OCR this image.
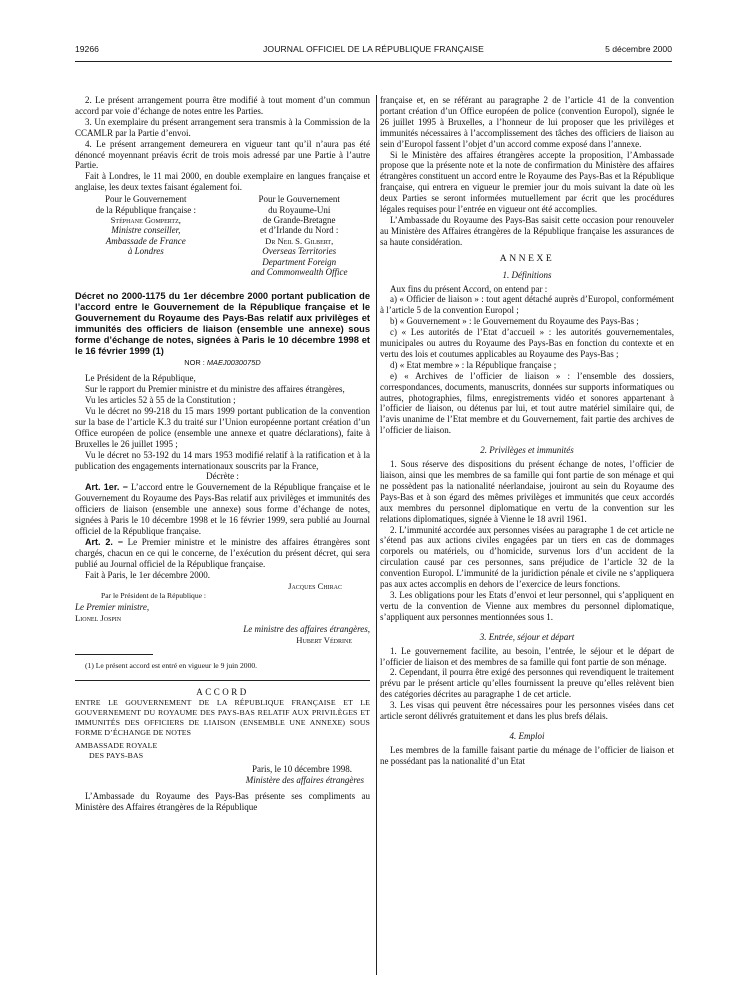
19266	JOURNAL OFFICIEL DE LA RÉPUBLIQUE FRANÇAISE	5 décembre 2000

2. Le présent arrangement pourra être modifié à tout moment d’un commun accord par voie d’échange de notes entre les Parties.

3. Un exemplaire du présent arrangement sera transmis à la Commission de la CCAMLR par la Partie d’envoi.

4. Le présent arrangement demeurera en vigueur tant qu’il n’aura pas été dénoncé moyennant préavis écrit de trois mois adressé par une Partie à l’autre Partie.

Fait à Londres, le 11 mai 2000, en double exemplaire en langues française et anglaise, les deux textes faisant également foi.

Pour le Gouvernement
de la République française :
Stéphane Gompertz,
Ministre conseiller,
Ambassade de France
à Londres
Pour le Gouvernement
du Royaume-Uni
de Grande-Bretagne
et d’Irlande du Nord :
Dr Neil S. Gilbert,
Overseas Territories
Department Foreign
and Commonwealth Office

Décret no 2000-1175 du 1er décembre 2000 portant publication de l’accord entre le Gouvernement de la République française et le Gouvernement du Royaume des Pays-Bas relatif aux privilèges et immunités des officiers de liaison (ensemble une annexe) sous forme d’échange de notes, signées à Paris le 10 décembre 1998 et le 16 février 1999 (1)

NOR : MAEJ0030075D

Le Président de la République,

Sur le rapport du Premier ministre et du ministre des affaires étrangères,

Vu les articles 52 à 55 de la Constitution ;

Vu le décret no 99-218 du 15 mars 1999 portant publication de la convention sur la base de l’article K.3 du traité sur l’Union européenne portant création d’un Office européen de police (ensemble une annexe et quatre déclarations), faite à Bruxelles le 26 juillet 1995 ;

Vu le décret no 53-192 du 14 mars 1953 modifié relatif à la ratification et à la publication des engagements internationaux souscrits par la France,

Décrète :

Art. 1er. − L’accord entre le Gouvernement de la République française et le Gouvernement du Royaume des Pays-Bas relatif aux privilèges et immunités des officiers de liaison (ensemble une annexe) sous forme d’échange de notes, signées à Paris le 10 décembre 1998 et le 16 février 1999, sera publié au Journal officiel de la République française.

Art. 2. − Le Premier ministre et le ministre des affaires étrangères sont chargés, chacun en ce qui le concerne, de l’exécution du présent décret, qui sera publié au Journal officiel de la République française.

Fait à Paris, le 1er décembre 2000.

Jacques Chirac

Par le Président de la République :

Le Premier ministre,

Lionel Jospin

Le ministre des affaires étrangères,

Hubert Védrine

(1) Le présent accord est entré en vigueur le 9 juin 2000.

ACCORD

ENTRE LE GOUVERNEMENT DE LA RÉPUBLIQUE FRANÇAISE ET LE GOUVERNEMENT DU ROYAUME DES PAYS-BAS RELATIF AUX PRIVILÈGES ET IMMUNITÉS DES OFFICIERS DE LIAISON (ENSEMBLE UNE ANNEXE) SOUS FORME D’ÉCHANGE DE NOTES

AMBASSADE ROYALE

DES PAYS-BAS

Paris, le 10 décembre 1998.

Ministère des affaires étrangères

L’Ambassade du Royaume des Pays-Bas présente ses compliments au Ministère des Affaires étrangères de la République

française et, en se référant au paragraphe 2 de l’article 41 de la convention portant création d’un Office européen de police (convention Europol), signée le 26 juillet 1995 à Bruxelles, a l’honneur de lui proposer que les privilèges et immunités nécessaires à l’accomplissement des tâches des officiers de liaison au sein d’Europol fassent l’objet d’un accord comme exposé dans l’annexe.

Si le Ministère des affaires étrangères accepte la proposition, l’Ambassade propose que la présente note et la note de confirmation du Ministère des affaires étrangères constituent un accord entre le Royaume des Pays-Bas et la République française, qui entrera en vigueur le premier jour du mois suivant la date où les deux Parties se seront informées mutuellement par écrit que les procédures légales requises pour l’entrée en vigueur ont été accomplies.

L’Ambassade du Royaume des Pays-Bas saisit cette occasion pour renouveler au Ministère des Affaires étrangères de la République française les assurances de sa haute considération.

ANNEXE

1. Définitions

Aux fins du présent Accord, on entend par :

a) « Officier de liaison » : tout agent détaché auprès d’Europol, conformément à l’article 5 de la convention Europol ;

b) « Gouvernement » : le Gouvernement du Royaume des Pays-Bas ;

c) « Les autorités de l’Etat d’accueil » : les autorités gouvernementales, municipales ou autres du Royaume des Pays-Bas en fonction du contexte et en vertu des lois et coutumes applicables au Royaume des Pays-Bas ;

d) « Etat membre » : la République française ;

e) « Archives de l’officier de liaison » : l’ensemble des dossiers, correspondances, documents, manuscrits, données sur supports informatiques ou autres, photographies, films, enregistrements vidéo et sonores appartenant à l’officier de liaison, ou détenus par lui, et tout autre matériel similaire qui, de l’avis unanime de l’Etat membre et du Gouvernement, fait partie des archives de l’officier de liaison.

2. Privilèges et immunités

1. Sous réserve des dispositions du présent échange de notes, l’officier de liaison, ainsi que les membres de sa famille qui font partie de son ménage et qui ne possèdent pas la nationalité néerlandaise, jouiront au sein du Royaume des Pays-Bas et à son égard des mêmes privilèges et immunités que ceux accordés aux membres du personnel diplomatique en vertu de la convention sur les relations diplomatiques, signée à Vienne le 18 avril 1961.

2. L’immunité accordée aux personnes visées au paragraphe 1 de cet article ne s’étend pas aux actions civiles engagées par un tiers en cas de dommages corporels ou matériels, ou d’homicide, survenus lors d’un accident de la circulation causé par ces personnes, sans préjudice de l’article 32 de la convention Europol. L’immunité de la juridiction pénale et civile ne s’appliquera pas aux actes accomplis en dehors de l’exercice de leurs fonctions.

3. Les obligations pour les Etats d’envoi et leur personnel, qui s’appliquent en vertu de la convention de Vienne aux membres du personnel diplomatique, s’appliquent aux personnes mentionnées sous 1.

3. Entrée, séjour et départ

1. Le gouvernement facilite, au besoin, l’entrée, le séjour et le départ de l’officier de liaison et des membres de sa famille qui font partie de son ménage.

2. Cependant, il pourra être exigé des personnes qui revendiquent le traitement prévu par le présent article qu’elles fournissent la preuve qu’elles relèvent bien des catégories décrites au paragraphe 1 de cet article.

3. Les visas qui peuvent être nécessaires pour les personnes visées dans cet article seront délivrés gratuitement et dans les plus brefs délais.

4. Emploi

Les membres de la famille faisant partie du ménage de l’officier de liaison et ne possédant pas la nationalité d’un Etat
